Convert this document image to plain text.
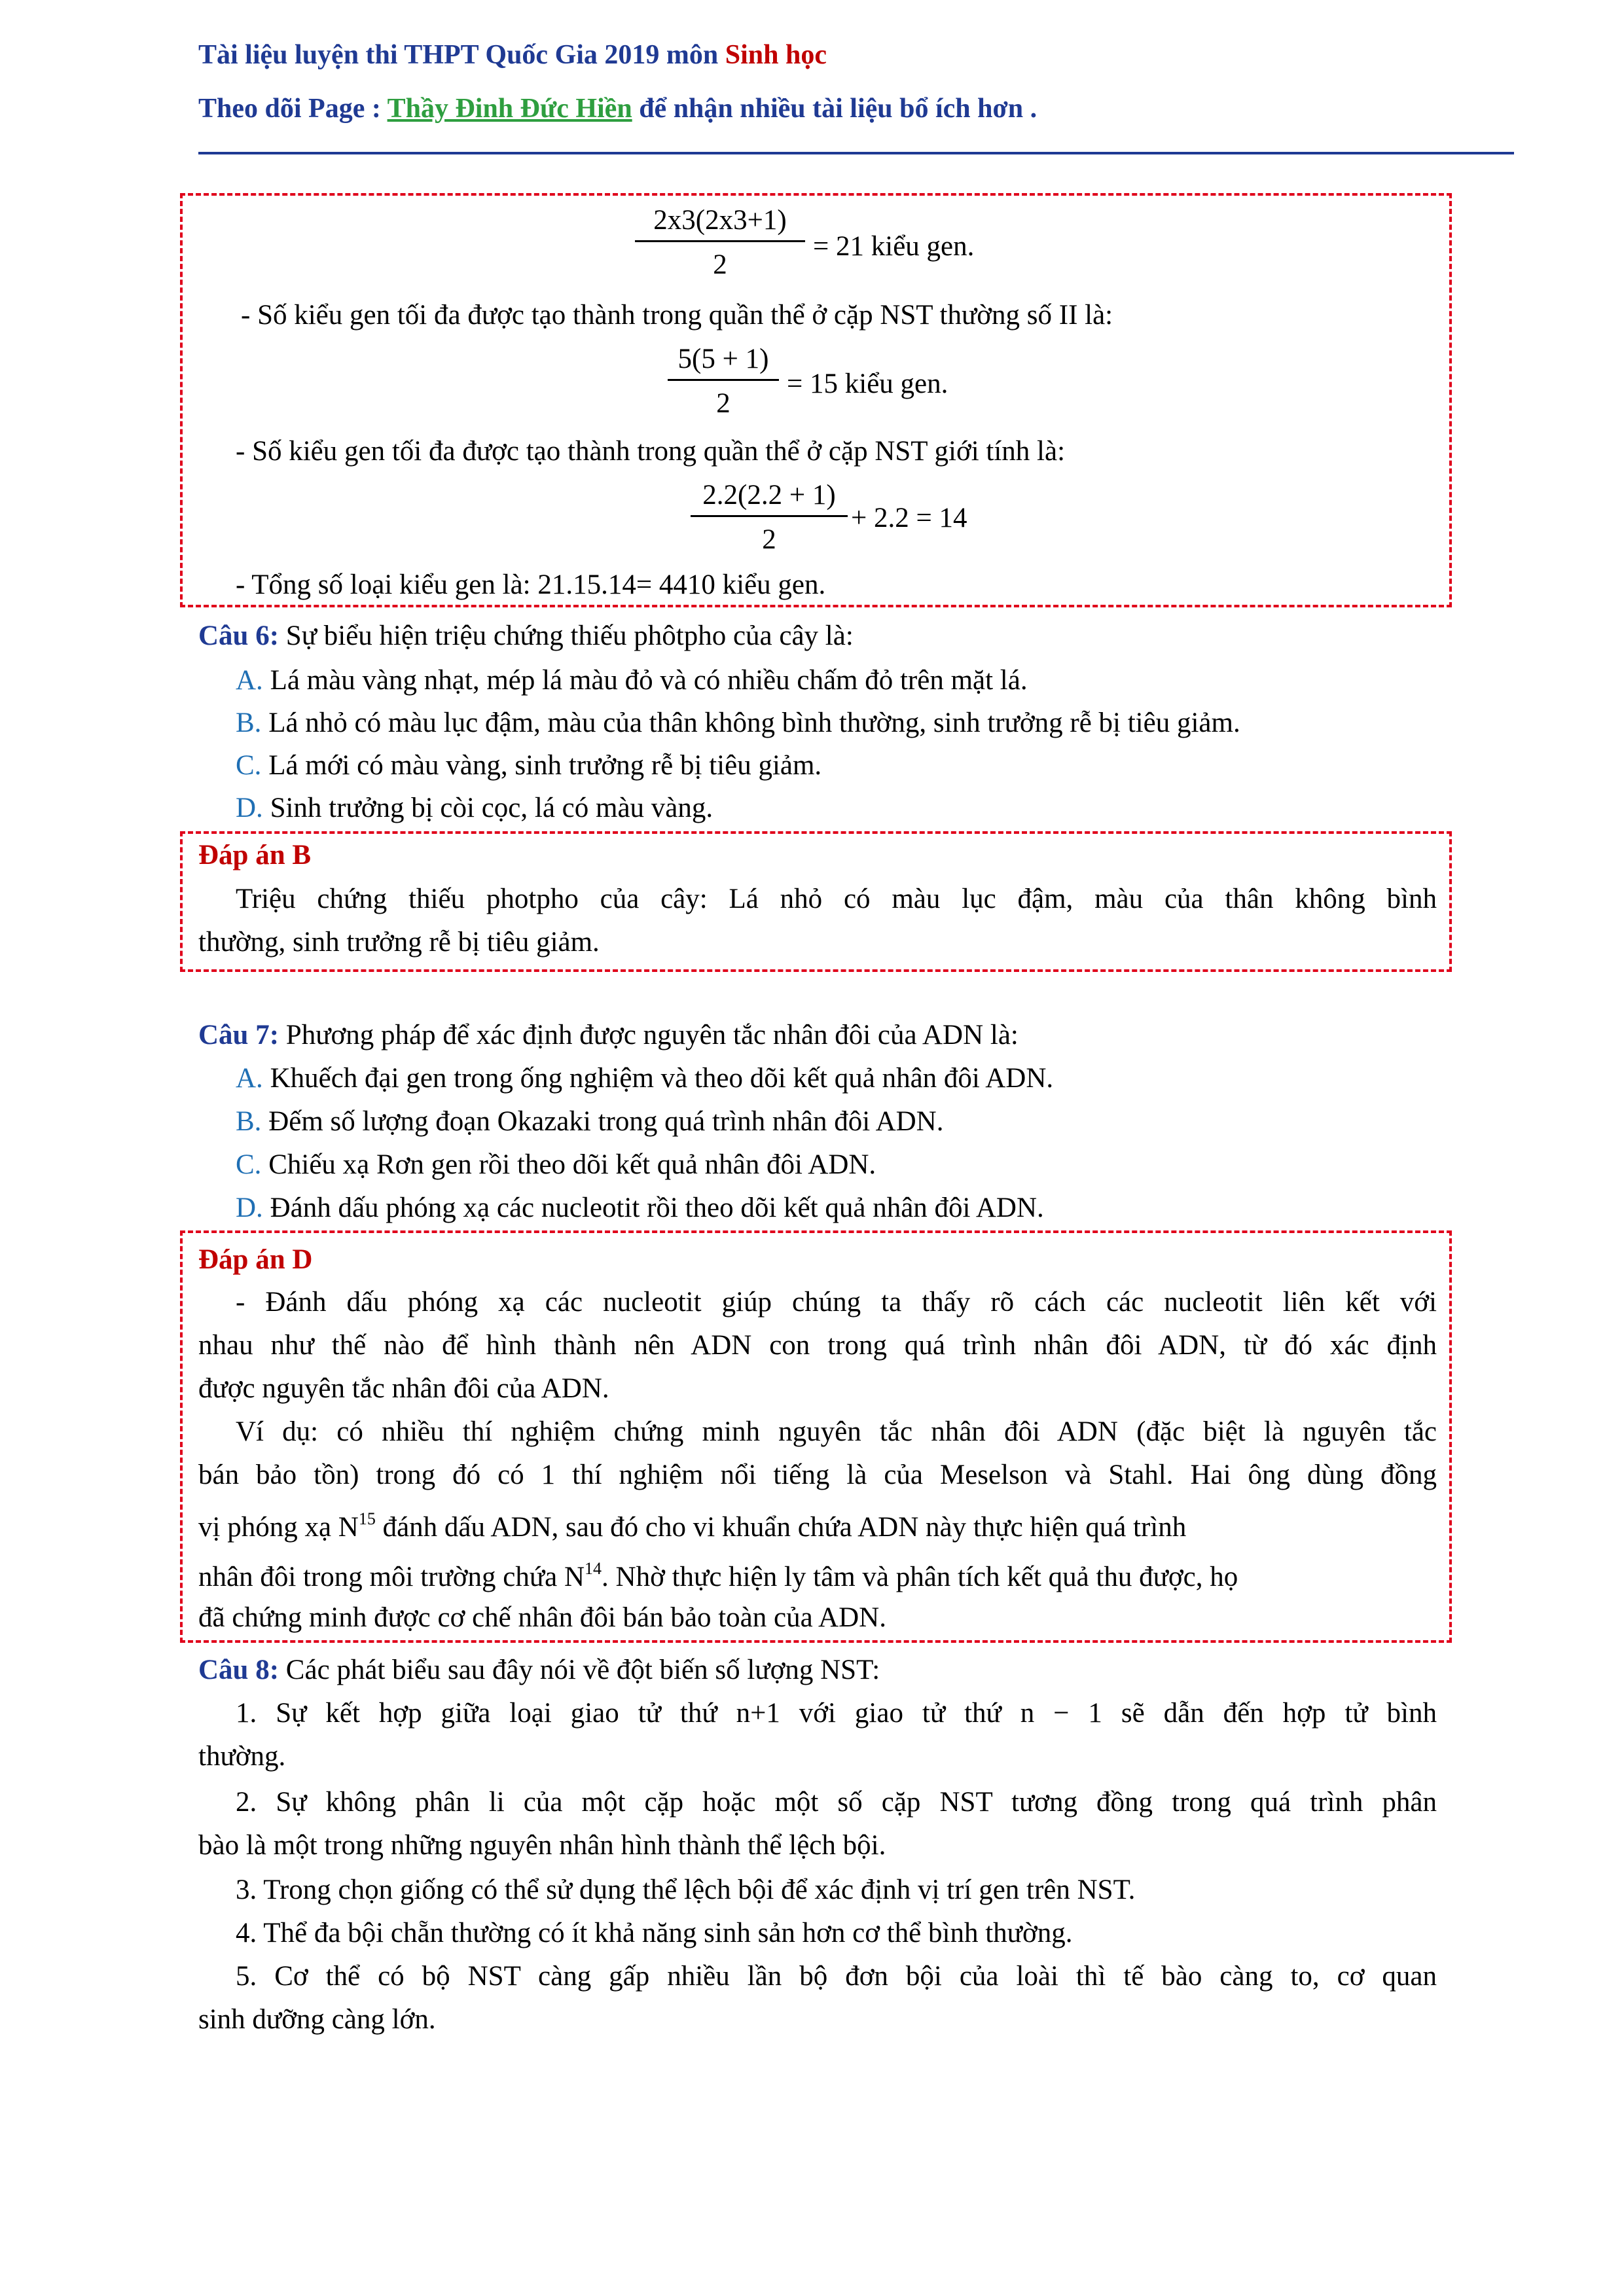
Tài liệu luyện thi THPT Quốc Gia 2019 môn Sinh học
Theo dõi Page : Thầy Đinh Đức Hiền để nhận nhiều tài liệu bổ ích hơn .
$\frac{2x3(2x3+1)}{2} = 21$ kiểu gen.
- Số kiểu gen tối đa được tạo thành trong quần thể ở cặp NST thường số II là:
$\frac{5(5 + 1)}{2} = 15$ kiểu gen.
- Số kiểu gen tối đa được tạo thành trong quần thể ở cặp NST giới tính là:
$\frac{2.2(2.2 + 1)}{2} + 2.2 = 14$
- Tổng số loại kiểu gen là: 21.15.14= 4410 kiểu gen.
Câu 6: Sự biểu hiện triệu chứng thiếu phôtpho của cây là:
A. Lá màu vàng nhạt, mép lá màu đỏ và có nhiều chấm đỏ trên mặt lá.
B. Lá nhỏ có màu lục đậm, màu của thân không bình thường, sinh trưởng rễ bị tiêu giảm.
C. Lá mới có màu vàng, sinh trưởng rễ bị tiêu giảm.
D. Sinh trưởng bị còi cọc, lá có màu vàng.
Đáp án B
Triệu chứng thiếu photpho của cây: Lá nhỏ có màu lục đậm, màu của thân không bình
thường, sinh trưởng rễ bị tiêu giảm.
Câu 7: Phương pháp để xác định được nguyên tắc nhân đôi của ADN là:
A. Khuếch đại gen trong ống nghiệm và theo dõi kết quả nhân đôi ADN.
B. Đếm số lượng đoạn Okazaki trong quá trình nhân đôi ADN.
C. Chiếu xạ Rơn gen rồi theo dõi kết quả nhân đôi ADN.
D. Đánh dấu phóng xạ các nucleotit rồi theo dõi kết quả nhân đôi ADN.
Đáp án D
- Đánh dấu phóng xạ các nucleotit giúp chúng ta thấy rõ cách các nucleotit liên kết với
nhau như thế nào để hình thành nên ADN con trong quá trình nhân đôi ADN, từ đó xác định
được nguyên tắc nhân đôi của ADN.
Ví dụ: có nhiều thí nghiệm chứng minh nguyên tắc nhân đôi ADN (đặc biệt là nguyên tắc
bán bảo tồn) trong đó có 1 thí nghiệm nổi tiếng là của Meselson và Stahl. Hai ông dùng đồng
vị phóng xạ $N^{15}$ đánh dấu ADN, sau đó cho vi khuẩn chứa ADN này thực hiện quá trình
nhân đôi trong môi trường chứa $N^{14}$. Nhờ thực hiện ly tâm và phân tích kết quả thu được, họ
đã chứng minh được cơ chế nhân đôi bán bảo toàn của ADN.
Câu 8: Các phát biểu sau đây nói về đột biến số lượng NST:
1. Sự kết hợp giữa loại giao tử thứ n+1 với giao tử thứ n − 1 sẽ dẫn đến hợp tử bình
thường.
2. Sự không phân li của một cặp hoặc một số cặp NST tương đồng trong quá trình phân
bào là một trong những nguyên nhân hình thành thể lệch bội.
3. Trong chọn giống có thể sử dụng thể lệch bội để xác định vị trí gen trên NST.
4. Thể đa bội chẵn thường có ít khả năng sinh sản hơn cơ thể bình thường.
5. Cơ thể có bộ NST càng gấp nhiều lần bộ đơn bội của loài thì tế bào càng to, cơ quan
sinh dưỡng càng lớn.
